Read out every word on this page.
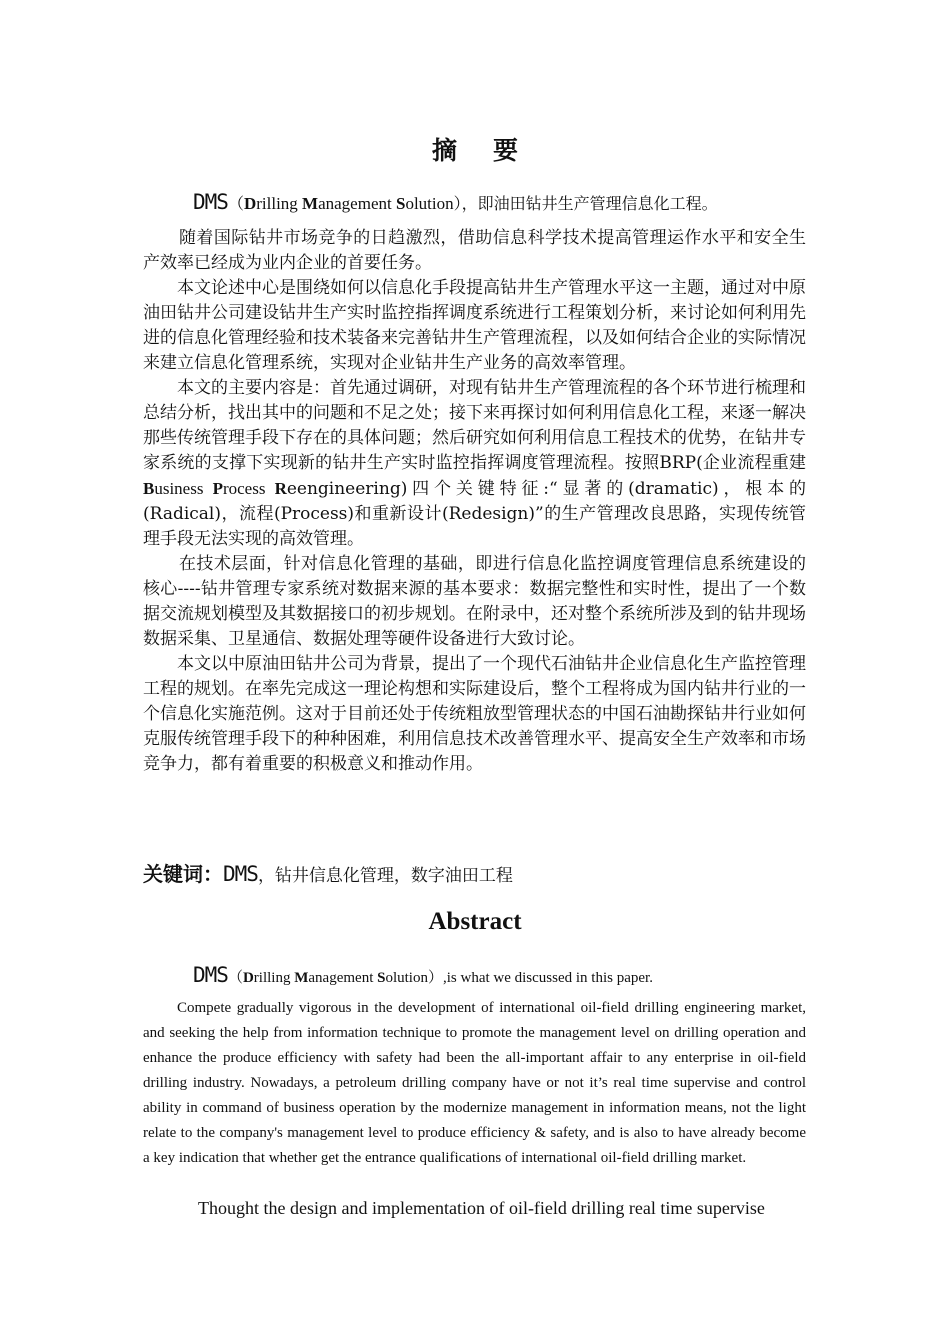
摘 要
DMS（Drilling Management Solution），即油田钻井生产管理信息化工程。

随着国际钻井市场竞争的日趋激烈，借助信息科学技术提高管理运作水平和安全生产效率已经成为业内企业的首要任务。

本文论述中心是围绕如何以信息化手段提高钻井生产管理水平这一主题，通过对中原油田钻井公司建设钻井生产实时监控指挥调度系统进行工程策划分析，来讨论如何利用先进的信息化管理经验和技术装备来完善钻井生产管理流程，以及如何结合企业的实际情况来建立信息化管理系统，实现对企业钻井生产业务的高效率管理。

本文的主要内容是：首先通过调研，对现有钻井生产管理流程的各个环节进行梳理和总结分析，找出其中的问题和不足之处；接下来再探讨如何利用信息化工程，来逐一解决那些传统管理手段下存在的具体问题；然后研究如何利用信息工程技术的优势，在钻井专家系统的支撑下实现新的钻井生产实时监控指挥调度管理流程。按照BRP(企业流程重建Business Process Reengineering)四个关键特征:“显著的(dramatic)，根本的(Radical)，流程(Process)和重新设计(Redesign)”的生产管理改良思路，实现传统管理手段无法实现的高效管理。

在技术层面，针对信息化管理的基础，即进行信息化监控调度管理信息系统建设的核心----钻井管理专家系统对数据来源的基本要求：数据完整性和实时性，提出了一个数据交流规划模型及其数据接口的初步规划。在附录中，还对整个系统所涉及到的钻井现场数据采集、卫星通信、数据处理等硬件设备进行大致讨论。

本文以中原油田钻井公司为背景，提出了一个现代石油钻井企业信息化生产监控管理工程的规划。在率先完成这一理论构想和实际建设后，整个工程将成为国内钻井行业的一个信息化实施范例。这对于目前还处于传统粗放型管理状态的中国石油勘探钻井行业如何克服传统管理手段下的种种困难，利用信息技术改善管理水平、提高安全生产效率和市场竞争力，都有着重要的积极意义和推动作用。

关键词：DMS，钻井信息化管理，数字油田工程
Abstract
DMS（Drilling Management Solution）,is what we discussed in this paper.

Compete gradually vigorous in the development of international oil-field drilling engineering market, and seeking the help from information technique to promote the management level on drilling operation and enhance the produce efficiency with safety had been the all-important affair to any enterprise in oil-field drilling industry. Nowadays, a petroleum drilling company have or not it’s real time supervise and control ability in command of business operation by the modernize management in information means, not the light relate to the company's management level to produce efficiency & safety, and is also to have already become a key indication that whether get the entrance qualifications of international oil-field drilling market.

Thought the design and implementation of oil-field drilling real time supervise
